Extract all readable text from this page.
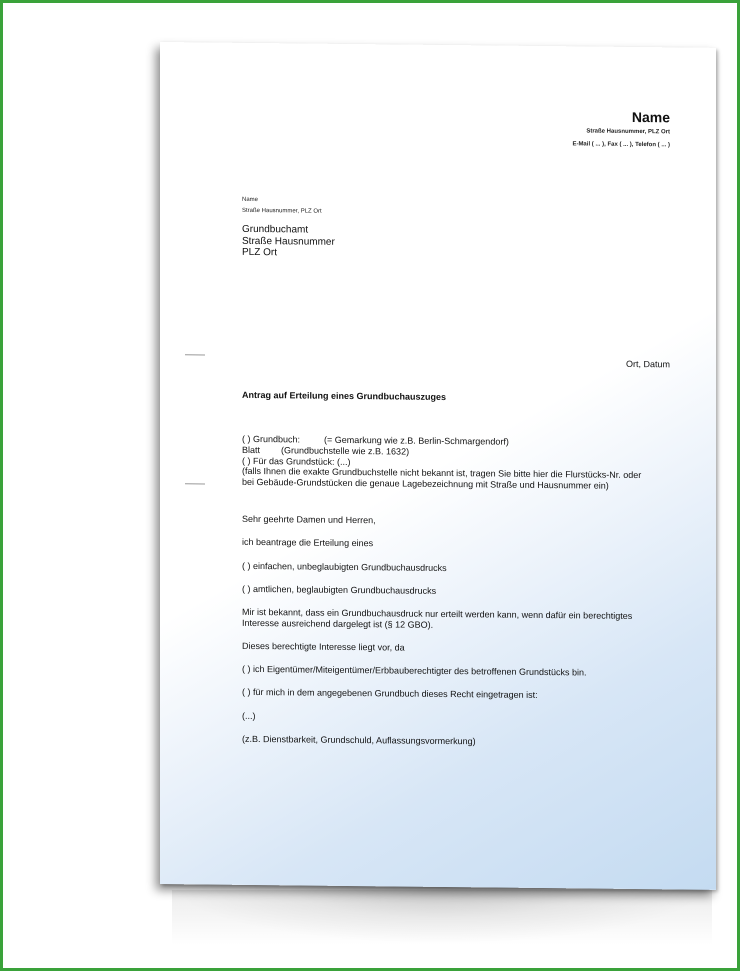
Name
Straße Hausnummer, PLZ Ort
E-Mail ( ... ), Fax ( ... ), Telefon ( ... )
Name
Straße Hausnummer, PLZ Ort
Grundbuchamt
Straße Hausnummer
PLZ Ort
Ort, Datum
Antrag auf Erteilung eines Grundbuchauszuges
( ) Grundbuch:	(= Gemarkung wie z.B. Berlin-Schmargendorf)
Blatt (Grundbuchstelle wie z.B. 1632)
( ) Für das Grundstück: (...)
(falls Ihnen die exakte Grundbuchstelle nicht bekannt ist, tragen Sie bitte hier die Flurstücks-Nr. oder
bei Gebäude-Grundstücken die genaue Lagebezeichnung mit Straße und Hausnummer ein)
Sehr geehrte Damen und Herren,
ich beantrage die Erteilung eines
( ) einfachen, unbeglaubigten Grundbuchausdrucks
( ) amtlichen, beglaubigten Grundbuchausdrucks
Mir ist bekannt, dass ein Grundbuchausdruck nur erteilt werden kann, wenn dafür ein berechtigtes
Interesse ausreichend dargelegt ist (§ 12 GBO).
Dieses berechtigte Interesse liegt vor, da
( ) ich Eigentümer/Miteigentümer/Erbbauberechtigter des betroffenen Grundstücks bin.
( ) für mich in dem angegebenen Grundbuch dieses Recht eingetragen ist:
(...)
(z.B. Dienstbarkeit, Grundschuld, Auflassungsvormerkung)
